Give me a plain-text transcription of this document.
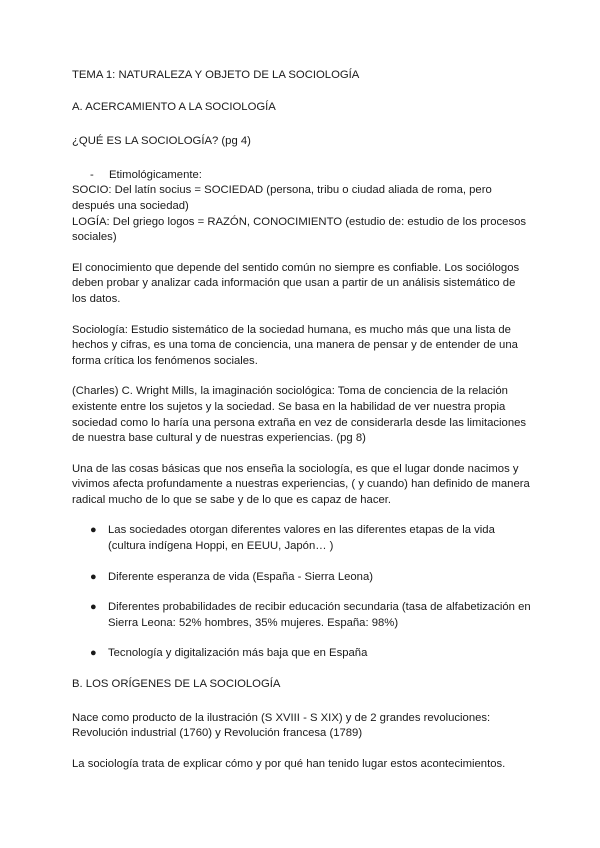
TEMA 1: NATURALEZA Y OBJETO DE LA SOCIOLOGÍA

A. ACERCAMIENTO A LA SOCIOLOGÍA

¿QUÉ ES LA SOCIOLOGÍA? (pg 4)

-	Etimológicamente:

SOCIO: Del latín socius = SOCIEDAD (persona, tribu o ciudad aliada de roma, pero después una sociedad)

LOGÍA: Del griego logos = RAZÓN, CONOCIMIENTO (estudio de: estudio de los procesos sociales)

El conocimiento que depende del sentido común no siempre es confiable. Los sociólogos deben probar y analizar cada información que usan a partir de un análisis sistemático de los datos.

Sociología: Estudio sistemático de la sociedad humana, es mucho más que una lista de hechos y cifras, es una toma de conciencia, una manera de pensar y de entender de una forma crítica los fenómenos sociales.

(Charles) C. Wright Mills, la imaginación sociológica: Toma de conciencia de la relación existente entre los sujetos y la sociedad. Se basa en la habilidad de ver nuestra propia sociedad como lo haría una persona extraña en vez de considerarla desde las limitaciones de nuestra base cultural y de nuestras experiencias. (pg 8)

Una de las cosas básicas que nos enseña la sociología, es que el lugar donde nacimos y vivimos afecta profundamente a nuestras experiencias, ( y cuando) han definido de manera radical mucho de lo que se sabe y de lo que es capaz de hacer.

●	Las sociedades otorgan diferentes valores en las diferentes etapas de la vida (cultura indígena Hoppi, en EEUU, Japón… )
●	Diferente esperanza de vida (España - Sierra Leona)
●	Diferentes probabilidades de recibir educación secundaria (tasa de alfabetización en Sierra Leona: 52% hombres, 35% mujeres. España: 98%)
●	Tecnología y digitalización más baja que en España

B. LOS ORÍGENES DE LA SOCIOLOGÍA

Nace como producto de la ilustración (S XVIII - S XIX) y de 2 grandes revoluciones: Revolución industrial (1760) y Revolución francesa (1789)

La sociología trata de explicar cómo y por qué han tenido lugar estos acontecimientos.
